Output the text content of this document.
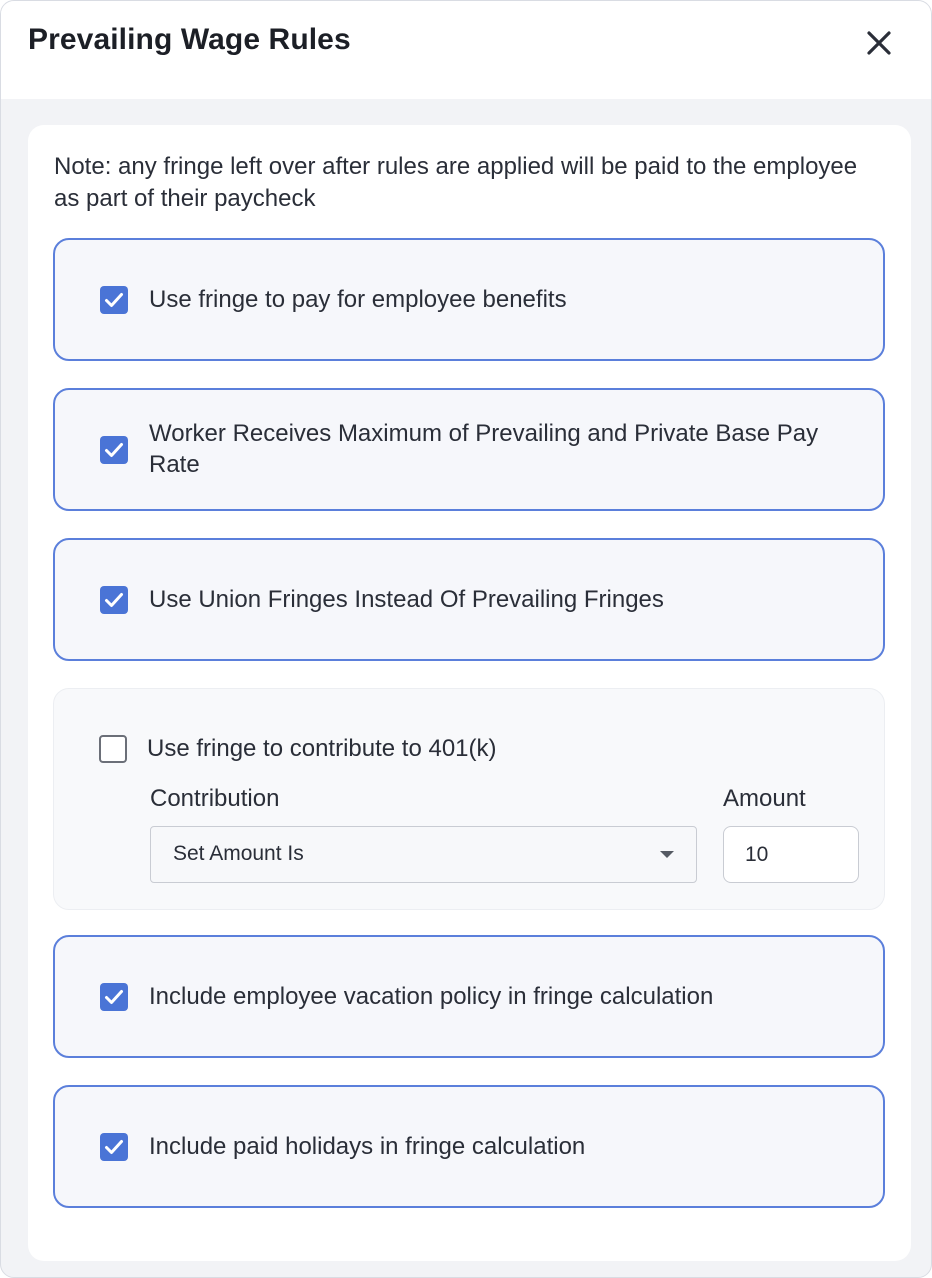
Prevailing Wage Rules
Note: any fringe left over after rules are applied will be paid to the employee as part of their paycheck
Use fringe to pay for employee benefits
Worker Receives Maximum of Prevailing and Private Base Pay Rate
Use Union Fringes Instead Of Prevailing Fringes
Use fringe to contribute to 401(k)
Contribution	Amount
Set Amount Is
10
Include employee vacation policy in fringe calculation
Include paid holidays in fringe calculation
